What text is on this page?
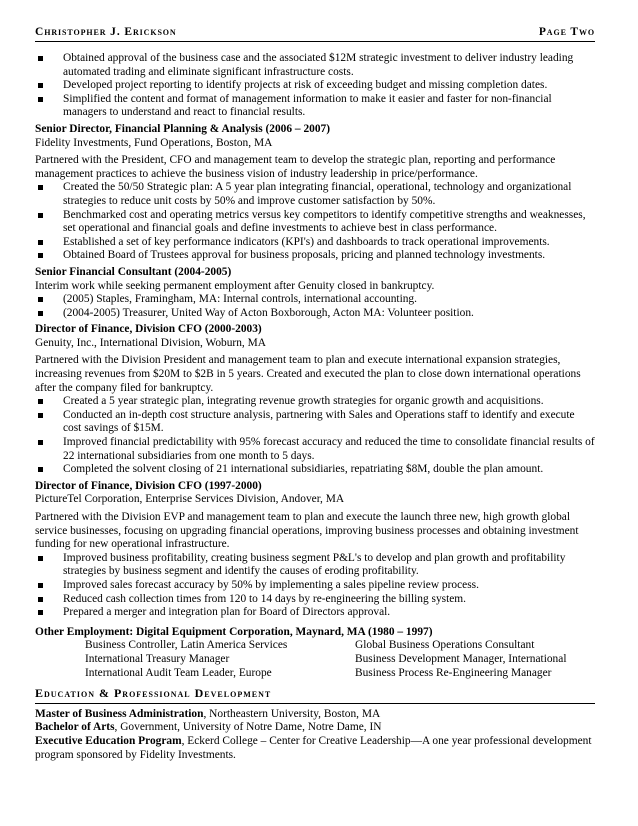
Christopher J. Erickson	Page Two
Obtained approval of the business case and the associated $12M strategic investment to deliver industry leading automated trading and eliminate significant infrastructure costs.
Developed project reporting to identify projects at risk of exceeding budget and missing completion dates.
Simplified the content and format of management information to make it easier and faster for non-financial managers to understand and react to financial results.
Senior Director, Financial Planning & Analysis (2006 – 2007)
Fidelity Investments, Fund Operations, Boston, MA

Partnered with the President, CFO and management team to develop the strategic plan, reporting and performance management practices to achieve the business vision of industry leadership in price/performance.

Created the 50/50 Strategic plan: A 5 year plan integrating financial, operational, technology and organizational strategies to reduce unit costs by 50% and improve customer satisfaction by 50%.
Benchmarked cost and operating metrics versus key competitors to identify competitive strengths and weaknesses, set operational and financial goals and define investments to achieve best in class performance.
Established a set of key performance indicators (KPI's) and dashboards to track operational improvements.
Obtained Board of Trustees approval for business proposals, pricing and planned technology investments.
Senior Financial Consultant (2004-2005)
Interim work while seeking permanent employment after Genuity closed in bankruptcy.
(2005) Staples, Framingham, MA: Internal controls, international accounting.
(2004-2005) Treasurer, United Way of Acton Boxborough, Acton MA: Volunteer position.
Director of Finance, Division CFO (2000-2003)
Genuity, Inc., International Division, Woburn, MA

Partnered with the Division President and management team to plan and execute international expansion strategies, increasing revenues from $20M to $2B in 5 years. Created and executed the plan to close down international operations after the company filed for bankruptcy.

Created a 5 year strategic plan, integrating revenue growth strategies for organic growth and acquisitions.
Conducted an in-depth cost structure analysis, partnering with Sales and Operations staff to identify and execute cost savings of $15M.
Improved financial predictability with 95% forecast accuracy and reduced the time to consolidate financial results of 22 international subsidiaries from one month to 5 days.
Completed the solvent closing of 21 international subsidiaries, repatriating $8M, double the plan amount.
Director of Finance, Division CFO (1997-2000)
PictureTel Corporation, Enterprise Services Division, Andover, MA

Partnered with the Division EVP and management team to plan and execute the launch three new, high growth global service businesses, focusing on upgrading financial operations, improving business processes and obtaining investment funding for new operational infrastructure.

Improved business profitability, creating business segment P&L's to develop and plan growth and profitability strategies by business segment and identify the causes of eroding profitability.
Improved sales forecast accuracy by 50% by implementing a sales pipeline review process.
Reduced cash collection times from 120 to 14 days by re-engineering the billing system.
Prepared a merger and integration plan for Board of Directors approval.
Other Employment: Digital Equipment Corporation, Maynard, MA (1980 – 1997)
Business Controller, Latin America Services	Global Business Operations Consultant
International Treasury Manager	Business Development Manager, International
International Audit Team Leader, Europe	Business Process Re-Engineering Manager
Education & Professional Development
Master of Business Administration, Northeastern University, Boston, MA
Bachelor of Arts, Government, University of Notre Dame, Notre Dame, IN
Executive Education Program, Eckerd College – Center for Creative Leadership—A one year professional development program sponsored by Fidelity Investments.
